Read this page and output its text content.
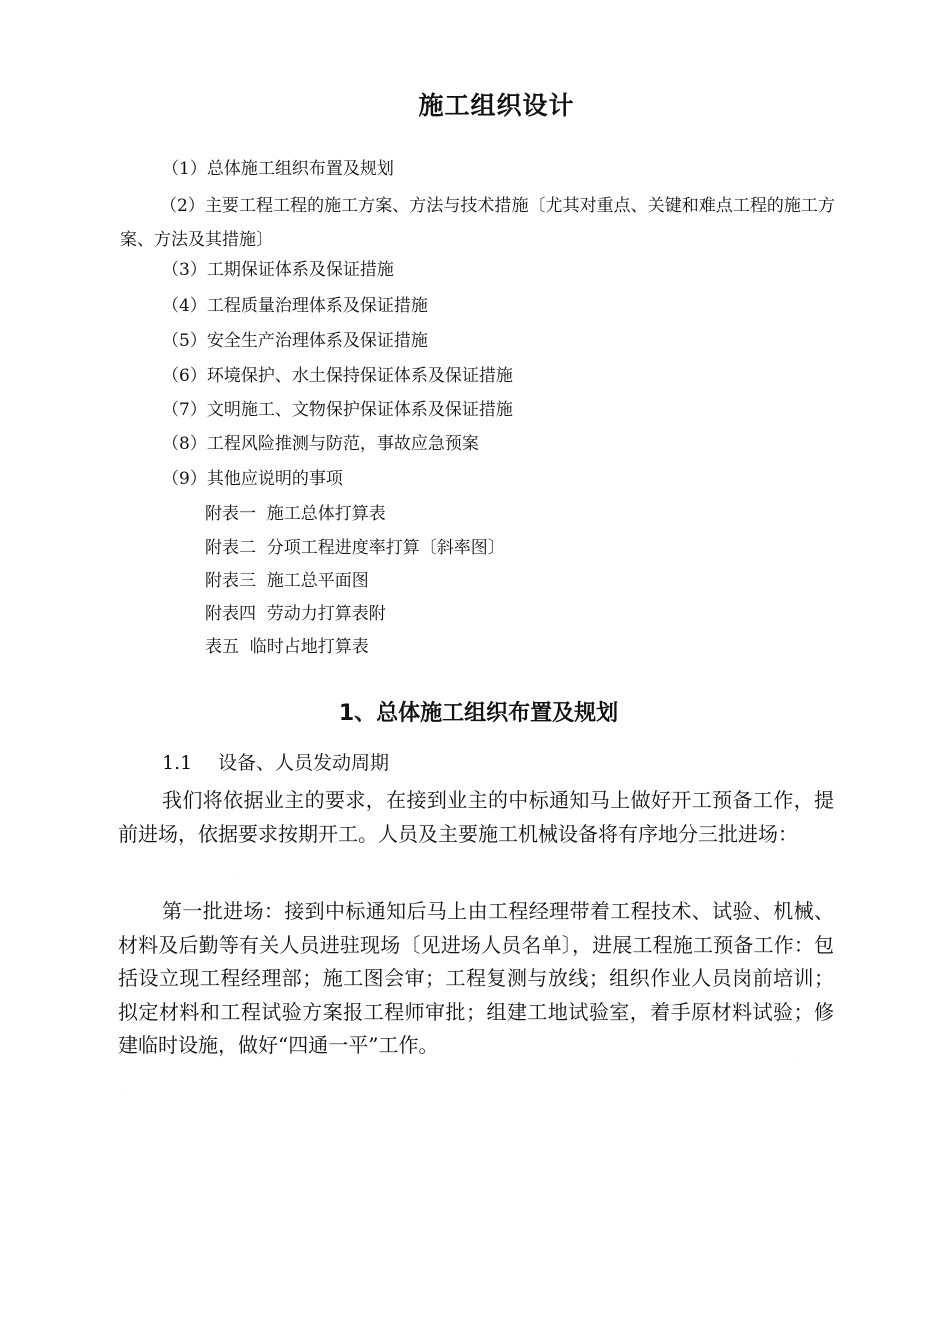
施工组织设计

（1）总体施工组织布置及规划

（2）主要工程工程的施工方案、方法与技术措施〔尤其对重点、关键和难点工程的施工方案、方法及其措施〕

（3）工期保证体系及保证措施

（4）工程质量治理体系及保证措施

（5）安全生产治理体系及保证措施

（6）环境保护、水土保持保证体系及保证措施

（7）文明施工、文物保护保证体系及保证措施

（8）工程风险推测与防范，事故应急预案

（9）其他应说明的事项

附表一  施工总体打算表

附表二  分项工程进度率打算〔斜率图〕

附表三  施工总平面图

附表四  劳动力打算表附

表五  临时占地打算表

1、总体施工组织布置及规划

1.1 设备、人员发动周期

我们将依据业主的要求，在接到业主的中标通知马上做好开工预备工作，提前进场，依据要求按期开工。人员及主要施工机械设备将有序地分三批进场：

第一批进场：接到中标通知后马上由工程经理带着工程技术、试验、机械、材料及后勤等有关人员进驻现场〔见进场人员名单〕，进展工程施工预备工作：包括设立现工程经理部；施工图会审；工程复测与放线；组织作业人员岗前培训；拟定材料和工程试验方案报工程师审批；组建工地试验室，着手原材料试验；修建临时设施，做好“四通一平”工作。

·
·
·
